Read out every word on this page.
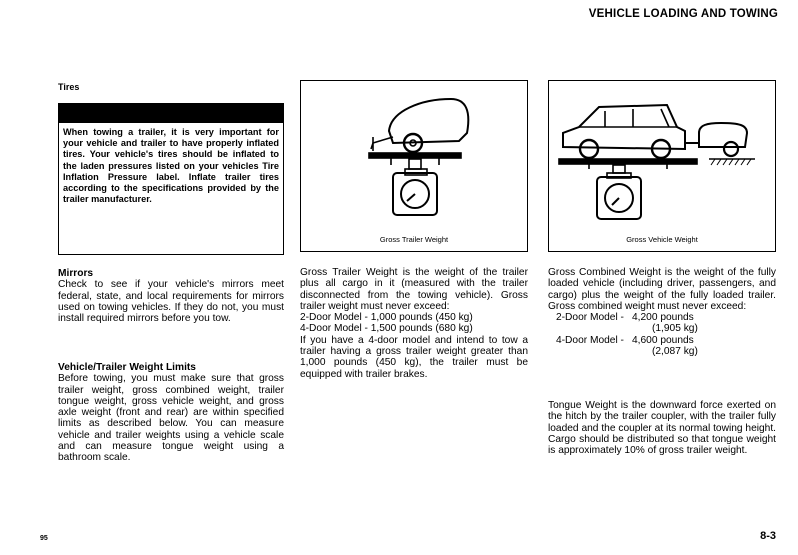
VEHICLE LOADING AND TOWING
Tires
When towing a trailer, it is very important for your vehicle and trailer to have properly inflated tires. Your vehicle's tires should be inflated to the laden pressures listed on your vehicles Tire Inflation Pressure label. Inflate trailer tires according to the specifications provided by the trailer manufacturer.
Mirrors

Check to see if your vehicle's mirrors meet federal, state, and local requirements for mirrors used on towing vehicles. If they do not, you must install required mirrors before you tow.

Vehicle/Trailer Weight Limits

Before towing, you must make sure that gross trailer weight, gross combined weight, trailer tongue weight, gross vehicle weight, and gross axle weight (front and rear) are within specified limits as described below. You can measure vehicle and trailer weights using a vehicle scale and can measure tongue weight using a bathroom scale.

Gross Trailer Weight	Gross Vehicle Weight

Gross Trailer Weight is the weight of the trailer plus all cargo in it (measured with the trailer disconnected from the towing vehicle). Gross trailer weight must never exceed:

2-Door Model - 1,000 pounds (450 kg)

4-Door Model - 1,500 pounds (680 kg)

If you have a 4-door model and intend to tow a trailer having a gross trailer weight greater than 1,000 pounds (450 kg), the trailer must be equipped with trailer brakes.

Gross Combined Weight is the weight of the fully loaded vehicle (including driver, passengers, and cargo) plus the weight of the fully loaded trailer. Gross combined weight must never exceed:

2-Door Model - 4,200 pounds
(1,905 kg)
4-Door Model - 4,600 pounds
(2,087 kg)
Tongue Weight is the downward force exerted on the hitch by the trailer coupler, with the trailer fully loaded and the coupler at its normal towing height. Cargo should be distributed so that tongue weight is approximately 10% of gross trailer weight.
95	8-3
